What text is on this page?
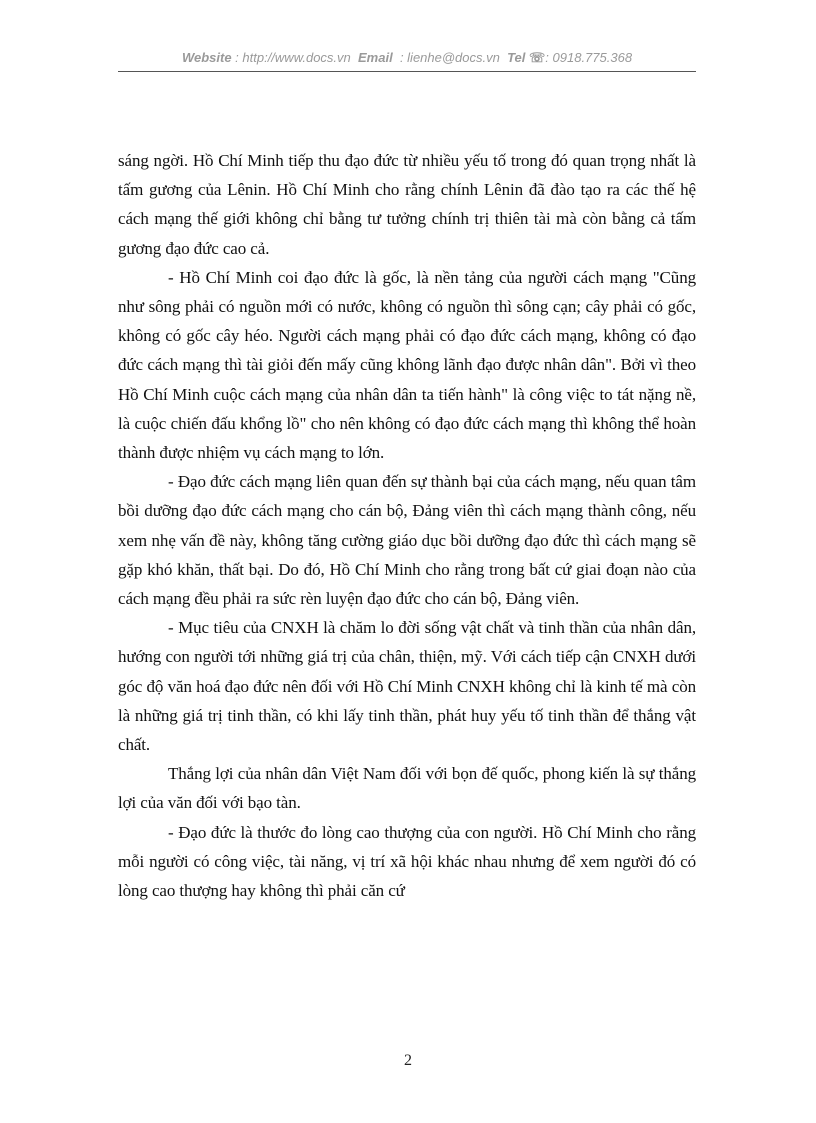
Website : http://www.docs.vn Email : lienhe@docs.vn Tel ☏: 0918.775.368

sáng ngời. Hồ Chí Minh tiếp thu đạo đức từ nhiều yếu tố trong đó quan trọng nhất là tấm gương của Lênin. Hồ Chí Minh cho rằng chính Lênin đã đào tạo ra các thế hệ cách mạng thế giới không chỉ bằng tư tưởng chính trị thiên tài mà còn bằng cả tấm gương đạo đức cao cả.

- Hồ Chí Minh coi đạo đức là gốc, là nền tảng của người cách mạng "Cũng như sông phải có nguồn mới có nước, không có nguồn thì sông cạn; cây phải có gốc, không có gốc cây héo. Người cách mạng phải có đạo đức cách mạng, không có đạo đức cách mạng thì tài giỏi đến mấy cũng không lãnh đạo được nhân dân". Bởi vì theo Hồ Chí Minh cuộc cách mạng của nhân dân ta tiến hành" là công việc to tát nặng nề, là cuộc chiến đấu khổng lồ" cho nên không có đạo đức cách mạng thì không thể hoàn thành được nhiệm vụ cách mạng to lớn.

- Đạo đức cách mạng liên quan đến sự thành bại của cách mạng, nếu quan tâm bồi dưỡng đạo đức cách mạng cho cán bộ, Đảng viên thì cách mạng thành công, nếu xem nhẹ vấn đề này, không tăng cường giáo dục bồi dưỡng đạo đức thì cách mạng sẽ gặp khó khăn, thất bại. Do đó, Hồ Chí Minh cho rằng trong bất cứ giai đoạn nào của cách mạng đều phải ra sức rèn luyện đạo đức cho cán bộ, Đảng viên.

- Mục tiêu của CNXH là chăm lo đời sống vật chất và tinh thần của nhân dân, hướng con người tới những giá trị của chân, thiện, mỹ. Với cách tiếp cận CNXH dưới góc độ văn hoá đạo đức nên đối với Hồ Chí Minh CNXH không chỉ là kinh tế mà còn là những giá trị tinh thần, có khi lấy tinh thần, phát huy yếu tố tinh thần để thắng vật chất.

Thắng lợi của nhân dân Việt Nam đối với bọn đế quốc, phong kiến là sự thắng lợi của văn đối với bạo tàn.

- Đạo đức là thước đo lòng cao thượng của con người. Hồ Chí Minh cho rằng mỗi người có công việc, tài năng, vị trí xã hội khác nhau nhưng để xem người đó có lòng cao thượng hay không thì phải căn cứ

2
